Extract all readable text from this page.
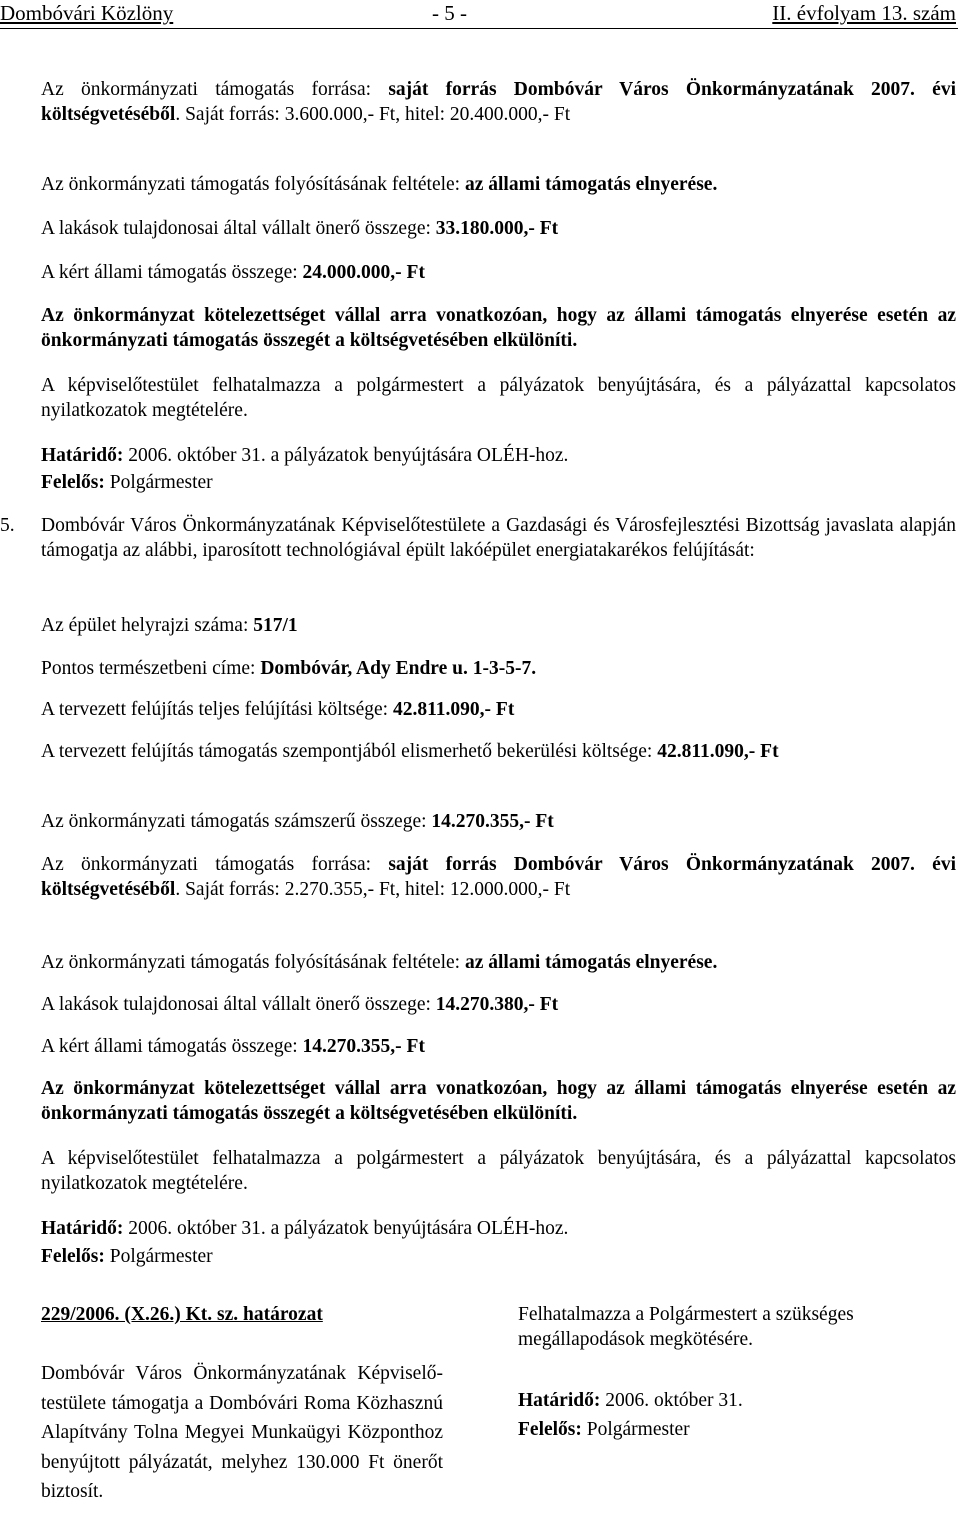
Dombóvári Közlöny	- 5 -	II. évfolyam 13. szám

Az önkormányzati támogatás forrása: saját forrás Dombóvár Város Önkormányzatának 2007. évi költségvetéséből. Saját forrás: 3.600.000,- Ft, hitel: 20.400.000,- Ft

Az önkormányzati támogatás folyósításának feltétele: az állami támogatás elnyerése.

A lakások tulajdonosai által vállalt önerő összege: 33.180.000,- Ft

A kért állami támogatás összege: 24.000.000,- Ft

Az önkormányzat kötelezettséget vállal arra vonatkozóan, hogy az állami támogatás elnyerése esetén az önkormányzati támogatás összegét a költségvetésében elkülöníti.

A képviselőtestület felhatalmazza a polgármestert a pályázatok benyújtására, és a pályázattal kapcsolatos nyilatkozatok megtételére.

Határidő: 2006. október 31. a pályázatok benyújtására OLÉH-hoz.

Felelős: Polgármester

5. Dombóvár Város Önkormányzatának Képviselőtestülete a Gazdasági és Városfejlesztési Bizottság javaslata alapján támogatja az alábbi, iparosított technológiával épült lakóépület energiatakarékos felújítását:

Az épület helyrajzi száma: 517/1

Pontos természetbeni címe: Dombóvár, Ady Endre u. 1-3-5-7.

A tervezett felújítás teljes felújítási költsége: 42.811.090,- Ft

A tervezett felújítás támogatás szempontjából elismerhető bekerülési költsége: 42.811.090,- Ft

Az önkormányzati támogatás számszerű összege: 14.270.355,- Ft

Az önkormányzati támogatás forrása: saját forrás Dombóvár Város Önkormányzatának 2007. évi költségvetéséből. Saját forrás: 2.270.355,- Ft, hitel: 12.000.000,- Ft

Az önkormányzati támogatás folyósításának feltétele: az állami támogatás elnyerése.

A lakások tulajdonosai által vállalt önerő összege: 14.270.380,- Ft

A kért állami támogatás összege: 14.270.355,- Ft

Az önkormányzat kötelezettséget vállal arra vonatkozóan, hogy az állami támogatás elnyerése esetén az önkormányzati támogatás összegét a költségvetésében elkülöníti.

A képviselőtestület felhatalmazza a polgármestert a pályázatok benyújtására, és a pályázattal kapcsolatos nyilatkozatok megtételére.

Határidő: 2006. október 31. a pályázatok benyújtására OLÉH-hoz.

Felelős: Polgármester

229/2006. (X.26.) Kt. sz. határozat

Dombóvár Város Önkormányzatának Képviselő-testülete támogatja a Dombóvári Roma Közhasznú Alapítvány Tolna Megyei Munkaügyi Központhoz benyújtott pályázatát, melyhez 130.000 Ft önerőt biztosít.

Felhatalmazza a Polgármestert a szükséges megállapodások megkötésére.

Határidő: 2006. október 31.

Felelős: Polgármester
